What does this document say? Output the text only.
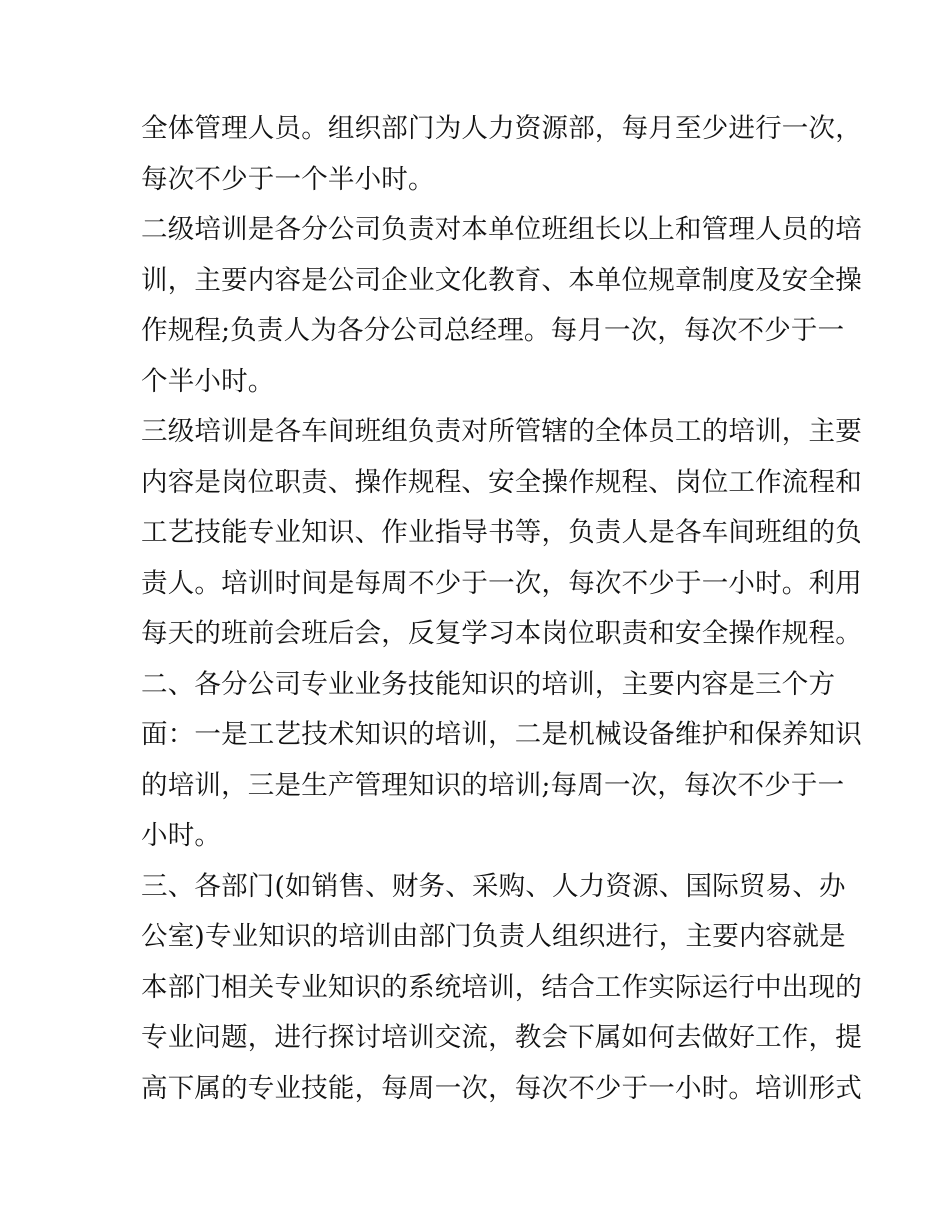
全体管理人员。组织部门为人力资源部，每月至少进行一次，
每次不少于一个半小时。
二级培训是各分公司负责对本单位班组长以上和管理人员的培
训，主要内容是公司企业文化教育、本单位规章制度及安全操
作规程;负责人为各分公司总经理。每月一次，每次不少于一
个半小时。
三级培训是各车间班组负责对所管辖的全体员工的培训，主要
内容是岗位职责、操作规程、安全操作规程、岗位工作流程和
工艺技能专业知识、作业指导书等，负责人是各车间班组的负
责人。培训时间是每周不少于一次，每次不少于一小时。利用
每天的班前会班后会，反复学习本岗位职责和安全操作规程。
二、各分公司专业业务技能知识的培训，主要内容是三个方
面：一是工艺技术知识的培训，二是机械设备维护和保养知识
的培训，三是生产管理知识的培训;每周一次，每次不少于一
小时。
三、各部门(如销售、财务、采购、人力资源、国际贸易、办
公室)专业知识的培训由部门负责人组织进行，主要内容就是
本部门相关专业知识的系统培训，结合工作实际运行中出现的
专业问题，进行探讨培训交流，教会下属如何去做好工作，提
高下属的专业技能，每周一次，每次不少于一小时。培训形式
